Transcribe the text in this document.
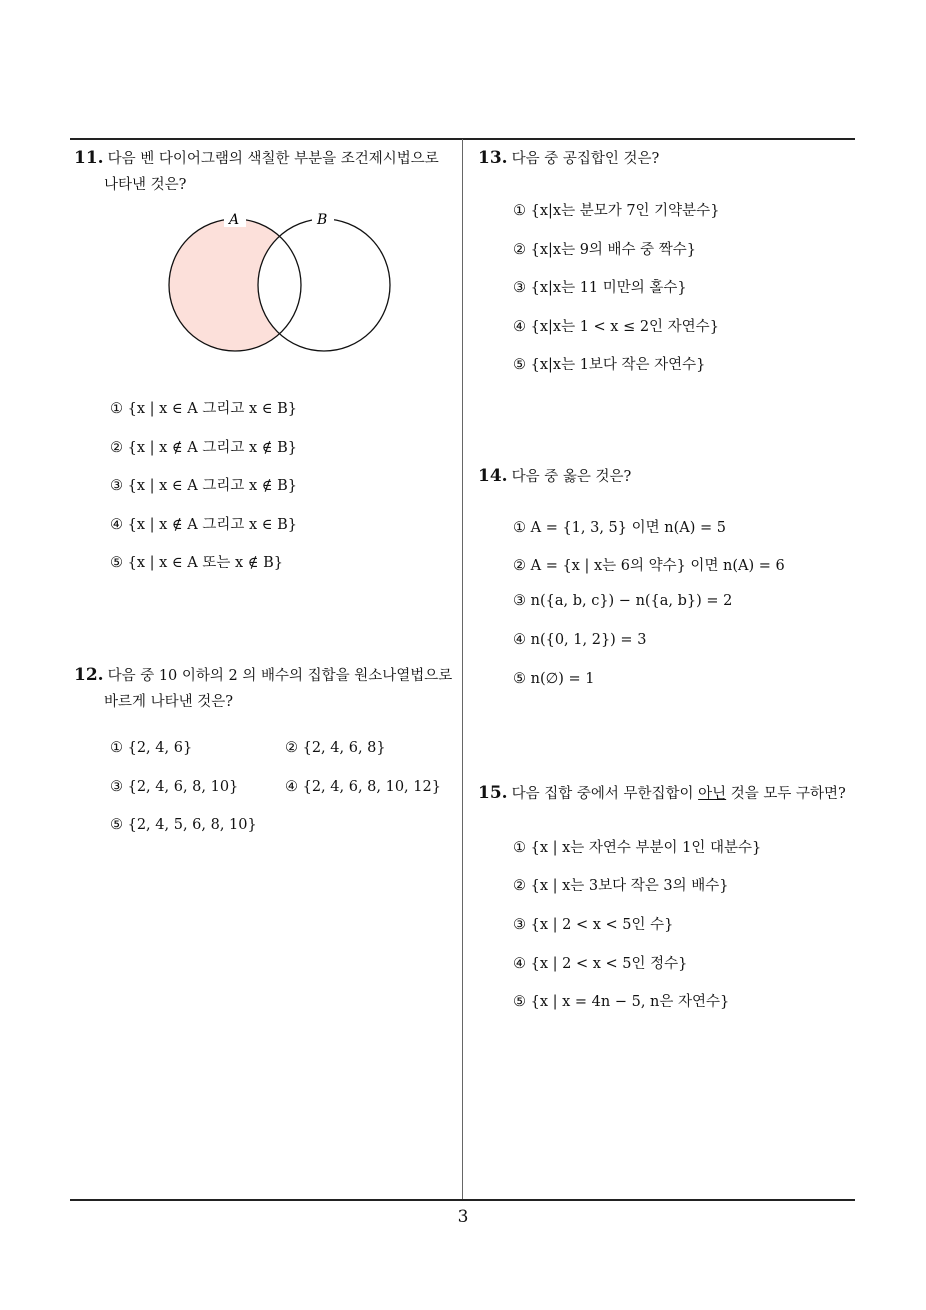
11. 다음 벤 다이어그램의 색칠한 부분을 조건제시법으로
나타낸 것은?
A	B
① {x | x ∈ A 그리고 x ∈ B}
② {x | x ∉ A 그리고 x ∉ B}
③ {x | x ∈ A 그리고 x ∉ B}
④ {x | x ∉ A 그리고 x ∈ B}
⑤ {x | x ∈ A 또는 x ∉ B}
12. 다음 중 10 이하의 2 의 배수의 집합을 원소나열법으로
바르게 나타낸 것은?
① {2, 4, 6}	② {2, 4, 6, 8}
③ {2, 4, 6, 8, 10}	④ {2, 4, 6, 8, 10, 12}
⑤ {2, 4, 5, 6, 8, 10}
13. 다음 중 공집합인 것은?
① {x|x는 분모가 7인 기약분수}
② {x|x는 9의 배수 중 짝수}
③ {x|x는 11 미만의 홀수}
④ {x|x는 1 < x ≤ 2인 자연수}
⑤ {x|x는 1보다 작은 자연수}
14. 다음 중 옳은 것은?
① A = {1, 3, 5} 이면 n(A) = 5
② A = {x | x는 6의 약수} 이면 n(A) = 6
③ n({a, b, c}) − n({a, b}) = 2
④ n({0, 1, 2}) = 3
⑤ n(∅) = 1
15. 다음 집합 중에서 무한집합이 아닌 것을 모두 구하면?
① {x | x는 자연수 부분이 1인 대분수}
② {x | x는 3보다 작은 3의 배수}
③ {x | 2 < x < 5인 수}
④ {x | 2 < x < 5인 정수}
⑤ {x | x = 4n − 5, n은 자연수}
3
